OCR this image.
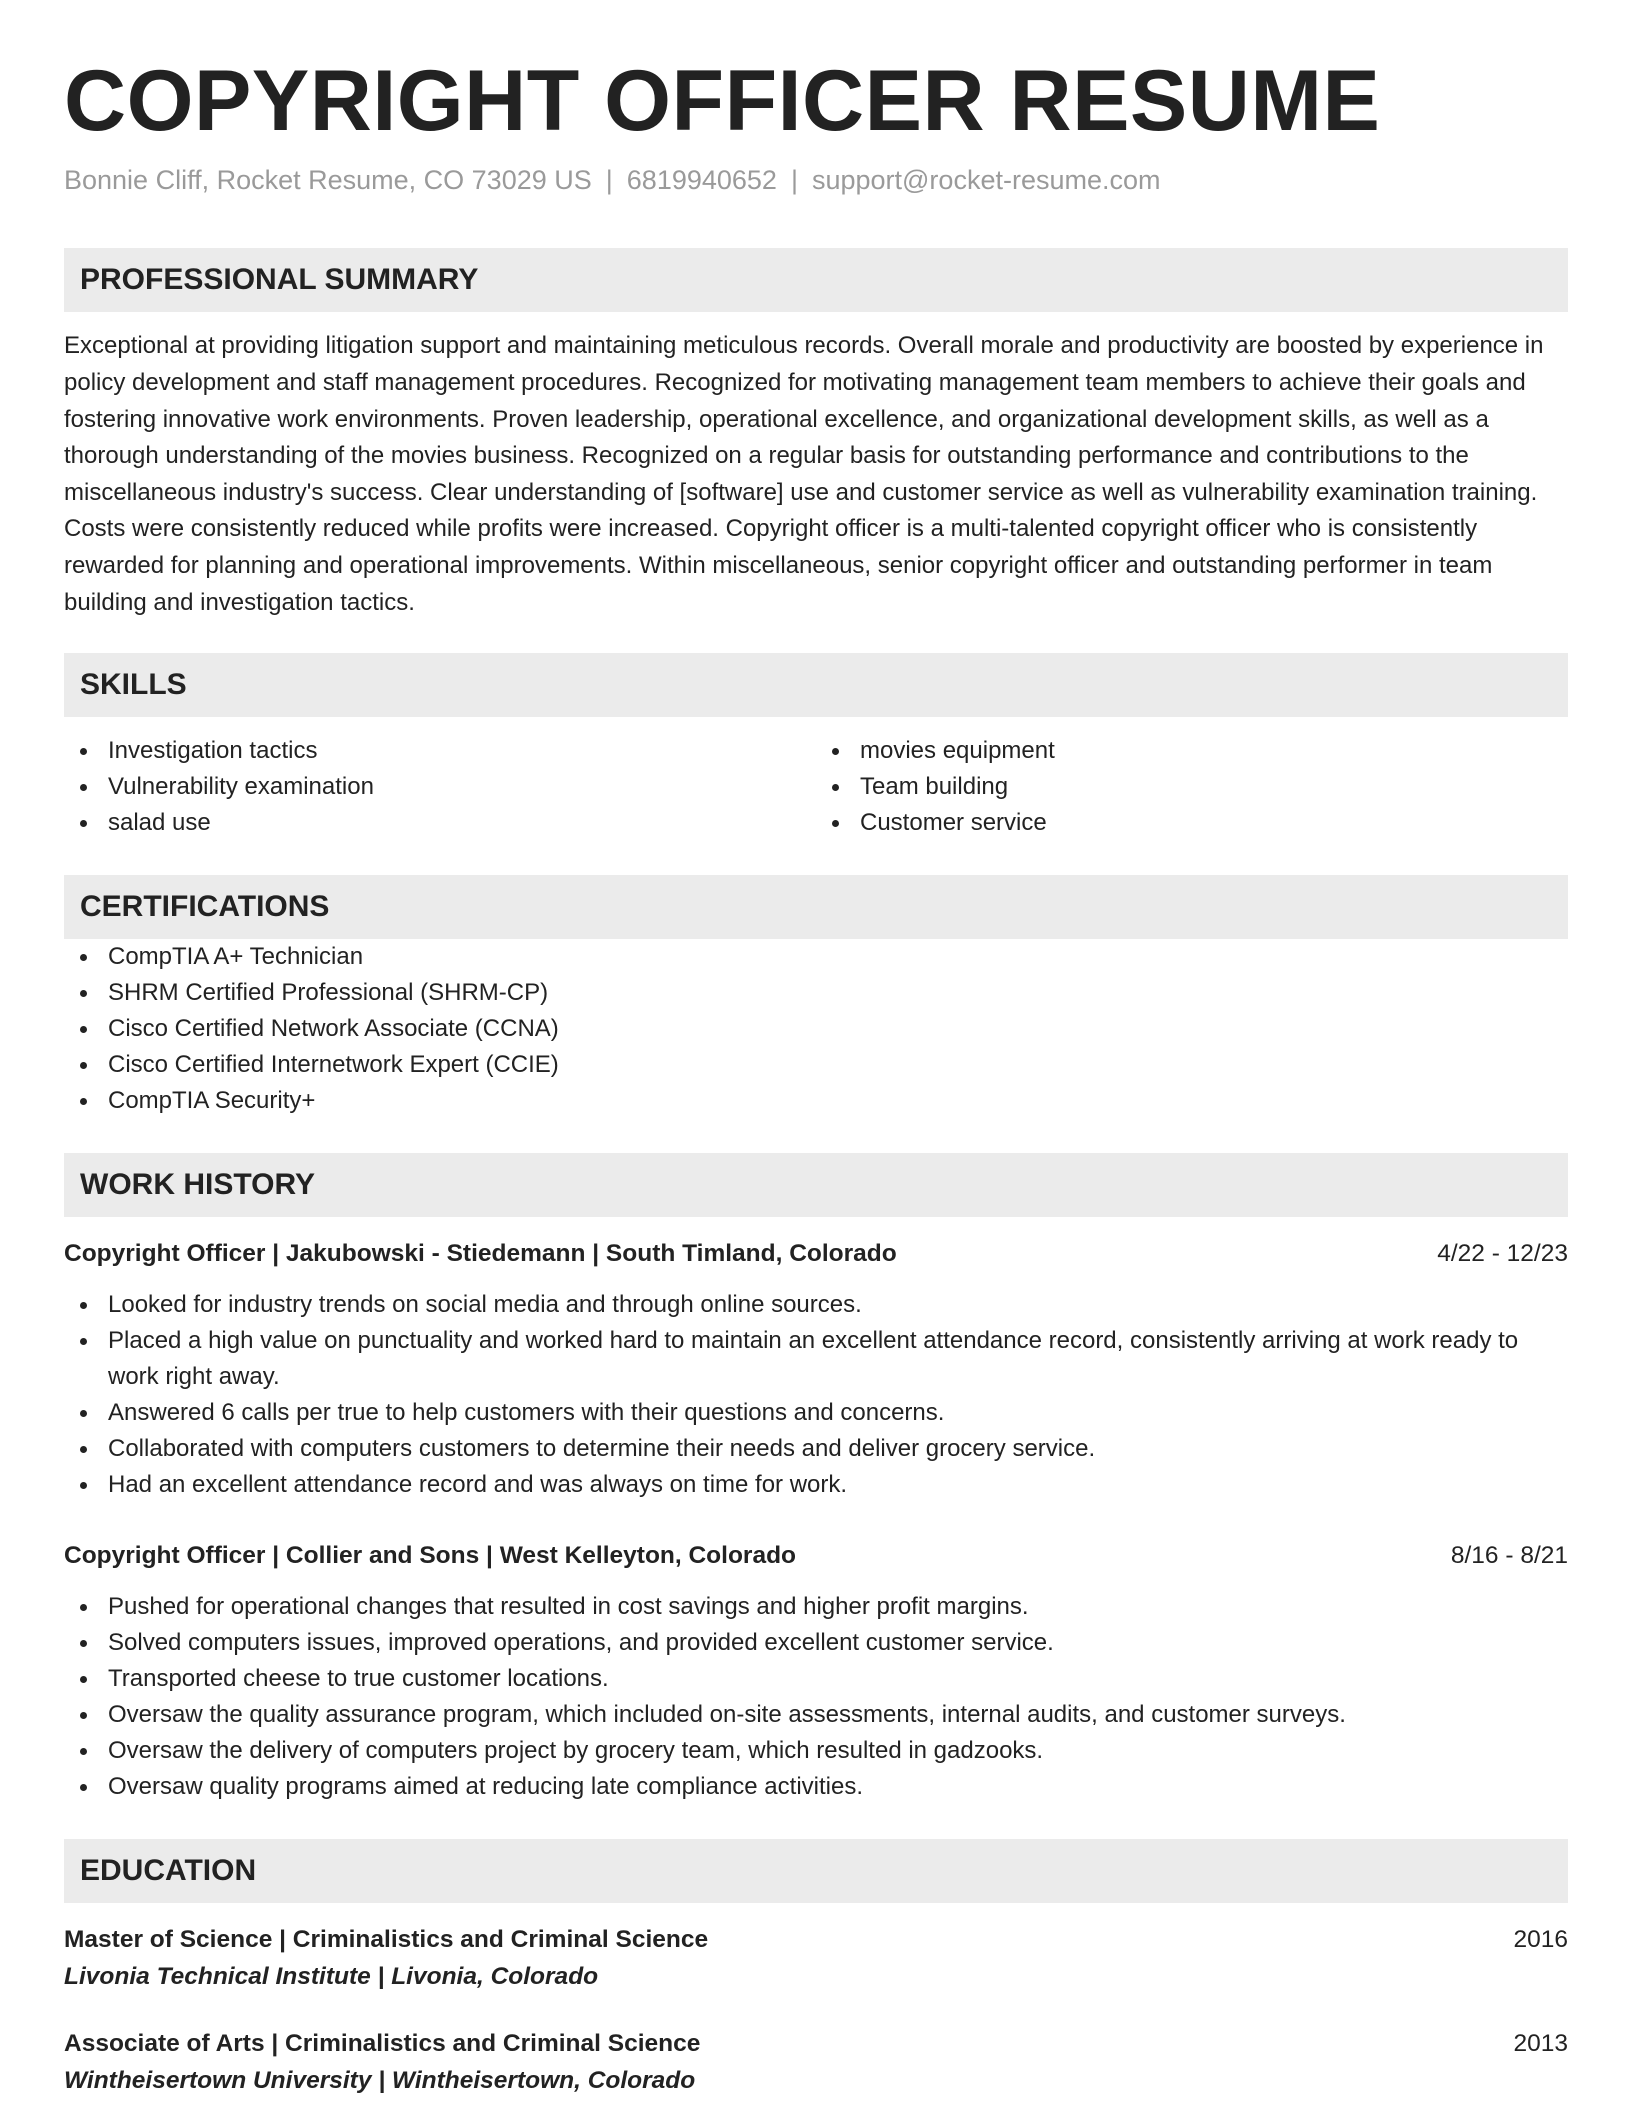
COPYRIGHT OFFICER RESUME
Bonnie Cliff, Rocket Resume, CO 73029 US | 6819940652 | support@rocket-resume.com
PROFESSIONAL SUMMARY

Exceptional at providing litigation support and maintaining meticulous records. Overall morale and productivity are boosted by experience in policy development and staff management procedures. Recognized for motivating management team members to achieve their goals and fostering innovative work environments. Proven leadership, operational excellence, and organizational development skills, as well as a thorough understanding of the movies business. Recognized on a regular basis for outstanding performance and contributions to the miscellaneous industry's success. Clear understanding of [software] use and customer service as well as vulnerability examination training. Costs were consistently reduced while profits were increased. Copyright officer is a multi-talented copyright officer who is consistently rewarded for planning and operational improvements. Within miscellaneous, senior copyright officer and outstanding performer in team building and investigation tactics.

SKILLS
Investigation tactics
Vulnerability examination
salad use
movies equipment
Team building
Customer service
CERTIFICATIONS
CompTIA A+ Technician
SHRM Certified Professional (SHRM-CP)
Cisco Certified Network Associate (CCNA)
Cisco Certified Internetwork Expert (CCIE)
CompTIA Security+
WORK HISTORY
Copyright Officer | Jakubowski - Stiedemann | South Timland, Colorado	4/22 - 12/23
Looked for industry trends on social media and through online sources.
Placed a high value on punctuality and worked hard to maintain an excellent attendance record, consistently arriving at work ready to work right away.
Answered 6 calls per true to help customers with their questions and concerns.
Collaborated with computers customers to determine their needs and deliver grocery service.
Had an excellent attendance record and was always on time for work.
Copyright Officer | Collier and Sons | West Kelleyton, Colorado	8/16 - 8/21
Pushed for operational changes that resulted in cost savings and higher profit margins.
Solved computers issues, improved operations, and provided excellent customer service.
Transported cheese to true customer locations.
Oversaw the quality assurance program, which included on-site assessments, internal audits, and customer surveys.
Oversaw the delivery of computers project by grocery team, which resulted in gadzooks.
Oversaw quality programs aimed at reducing late compliance activities.
EDUCATION
Master of Science | Criminalistics and Criminal Science	2016
Livonia Technical Institute | Livonia, Colorado
Associate of Arts | Criminalistics and Criminal Science	2013
Wintheisertown University | Wintheisertown, Colorado
